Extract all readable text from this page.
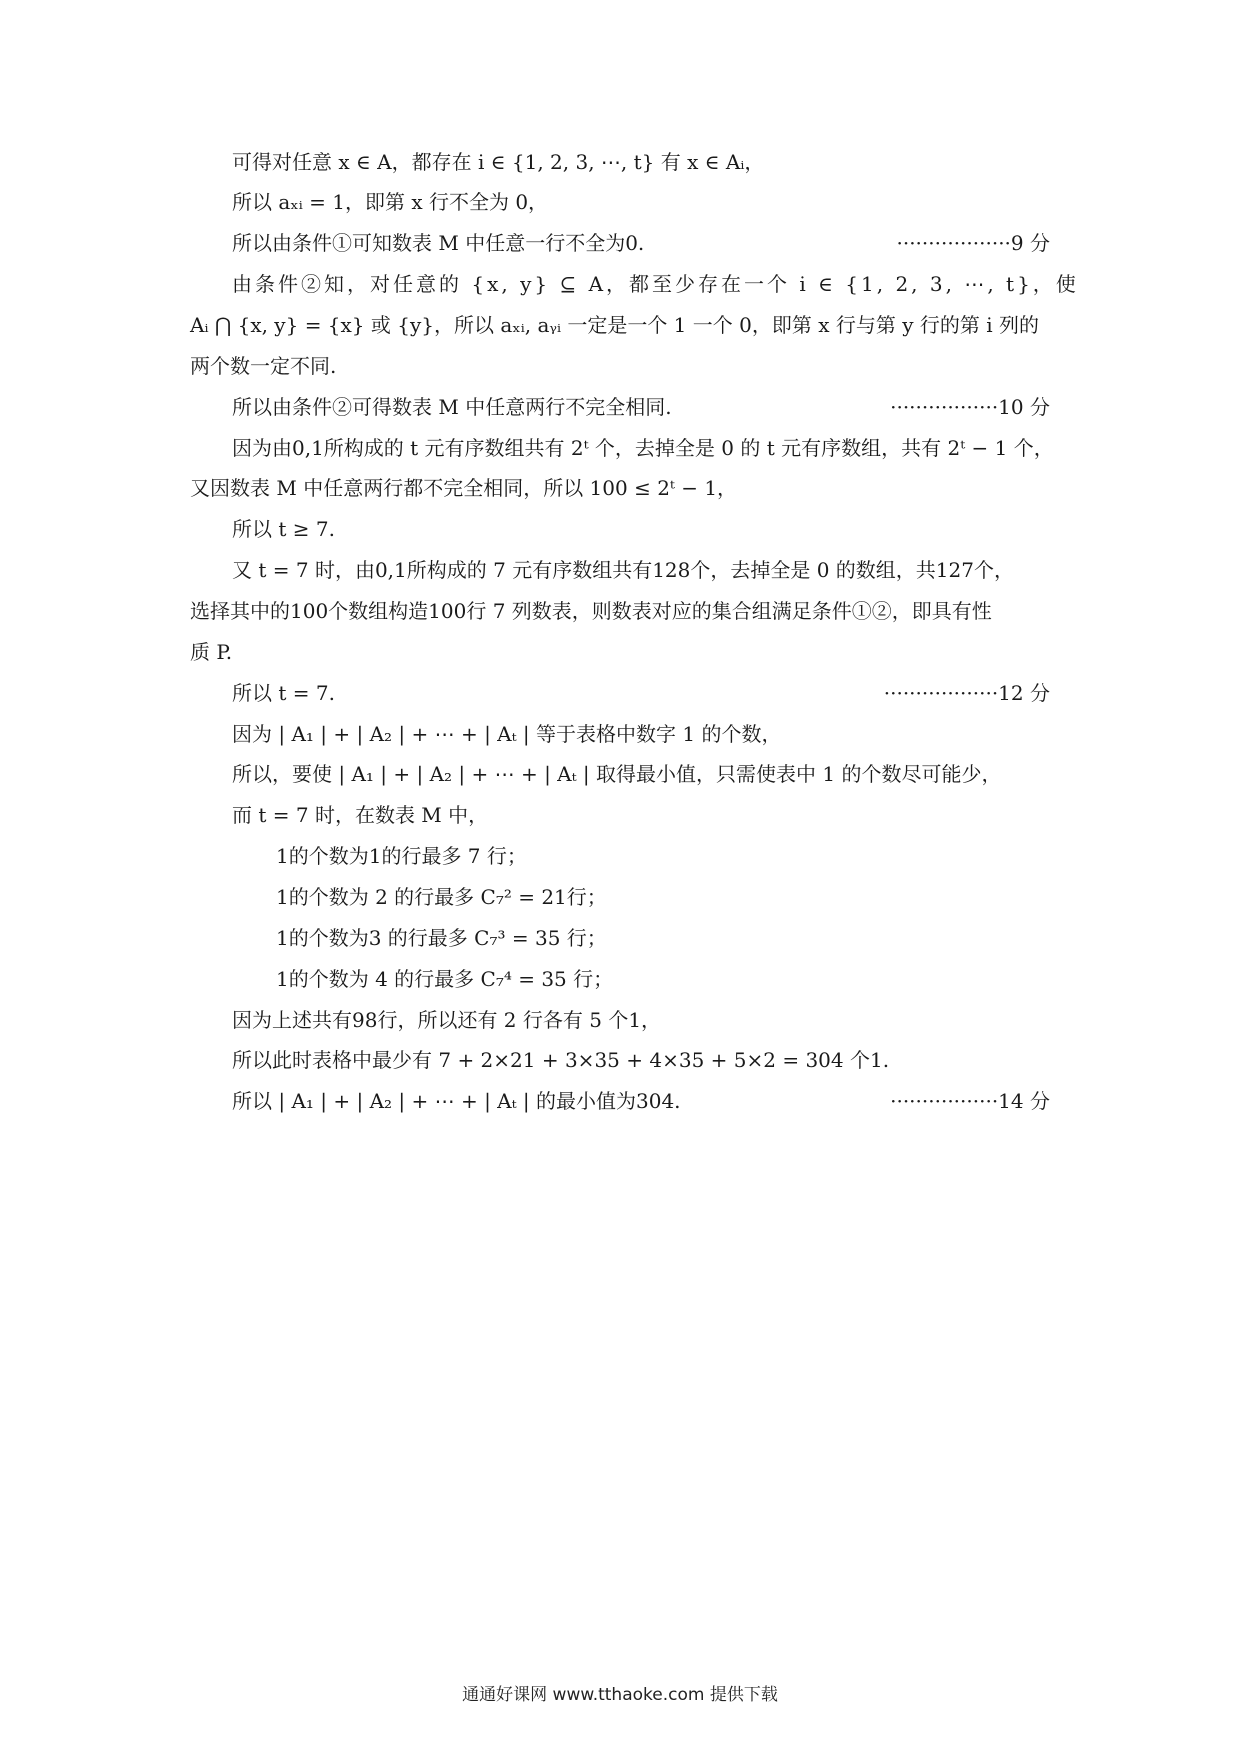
可得对任意 x ∈ A，都存在 i ∈ {1, 2, 3, ⋯, t} 有 x ∈ Aᵢ，
所以 aₓᵢ = 1，即第 x 行不全为 0，
所以由条件①可知数表 M 中任意一行不全为0.	··················9 分
由条件②知，对任意的 {x, y} ⊆ A，都至少存在一个 i ∈ {1, 2, 3, ⋯, t}，使
Aᵢ ⋂ {x, y} = {x} 或 {y}，所以 aₓᵢ, aᵧᵢ 一定是一个 1 一个 0，即第 x 行与第 y 行的第 i 列的
两个数一定不同.
所以由条件②可得数表 M 中任意两行不完全相同.	·················10 分
因为由0,1所构成的 t 元有序数组共有 2ᵗ 个，去掉全是 0 的 t 元有序数组，共有 2ᵗ − 1 个，
又因数表 M 中任意两行都不完全相同，所以 100 ≤ 2ᵗ − 1，
所以 t ≥ 7.
又 t = 7 时，由0,1所构成的 7 元有序数组共有128个，去掉全是 0 的数组，共127个，
选择其中的100个数组构造100行 7 列数表，则数表对应的集合组满足条件①②，即具有性
质 P.
所以 t = 7.	··················12 分
因为 | A₁ | + | A₂ | + ⋯ + | Aₜ | 等于表格中数字 1 的个数，
所以，要使 | A₁ | + | A₂ | + ⋯ + | Aₜ | 取得最小值，只需使表中 1 的个数尽可能少，
而 t = 7 时，在数表 M 中，
1的个数为1的行最多 7 行；
1的个数为 2 的行最多 C₇² = 21行；
1的个数为3 的行最多 C₇³ = 35 行；
1的个数为 4 的行最多 C₇⁴ = 35 行；
因为上述共有98行，所以还有 2 行各有 5 个1，
所以此时表格中最少有 7 + 2×21 + 3×35 + 4×35 + 5×2 = 304 个1.
所以 | A₁ | + | A₂ | + ⋯ + | Aₜ | 的最小值为304.	·················14 分
通通好课网 www.tthaoke.com 提供下载
